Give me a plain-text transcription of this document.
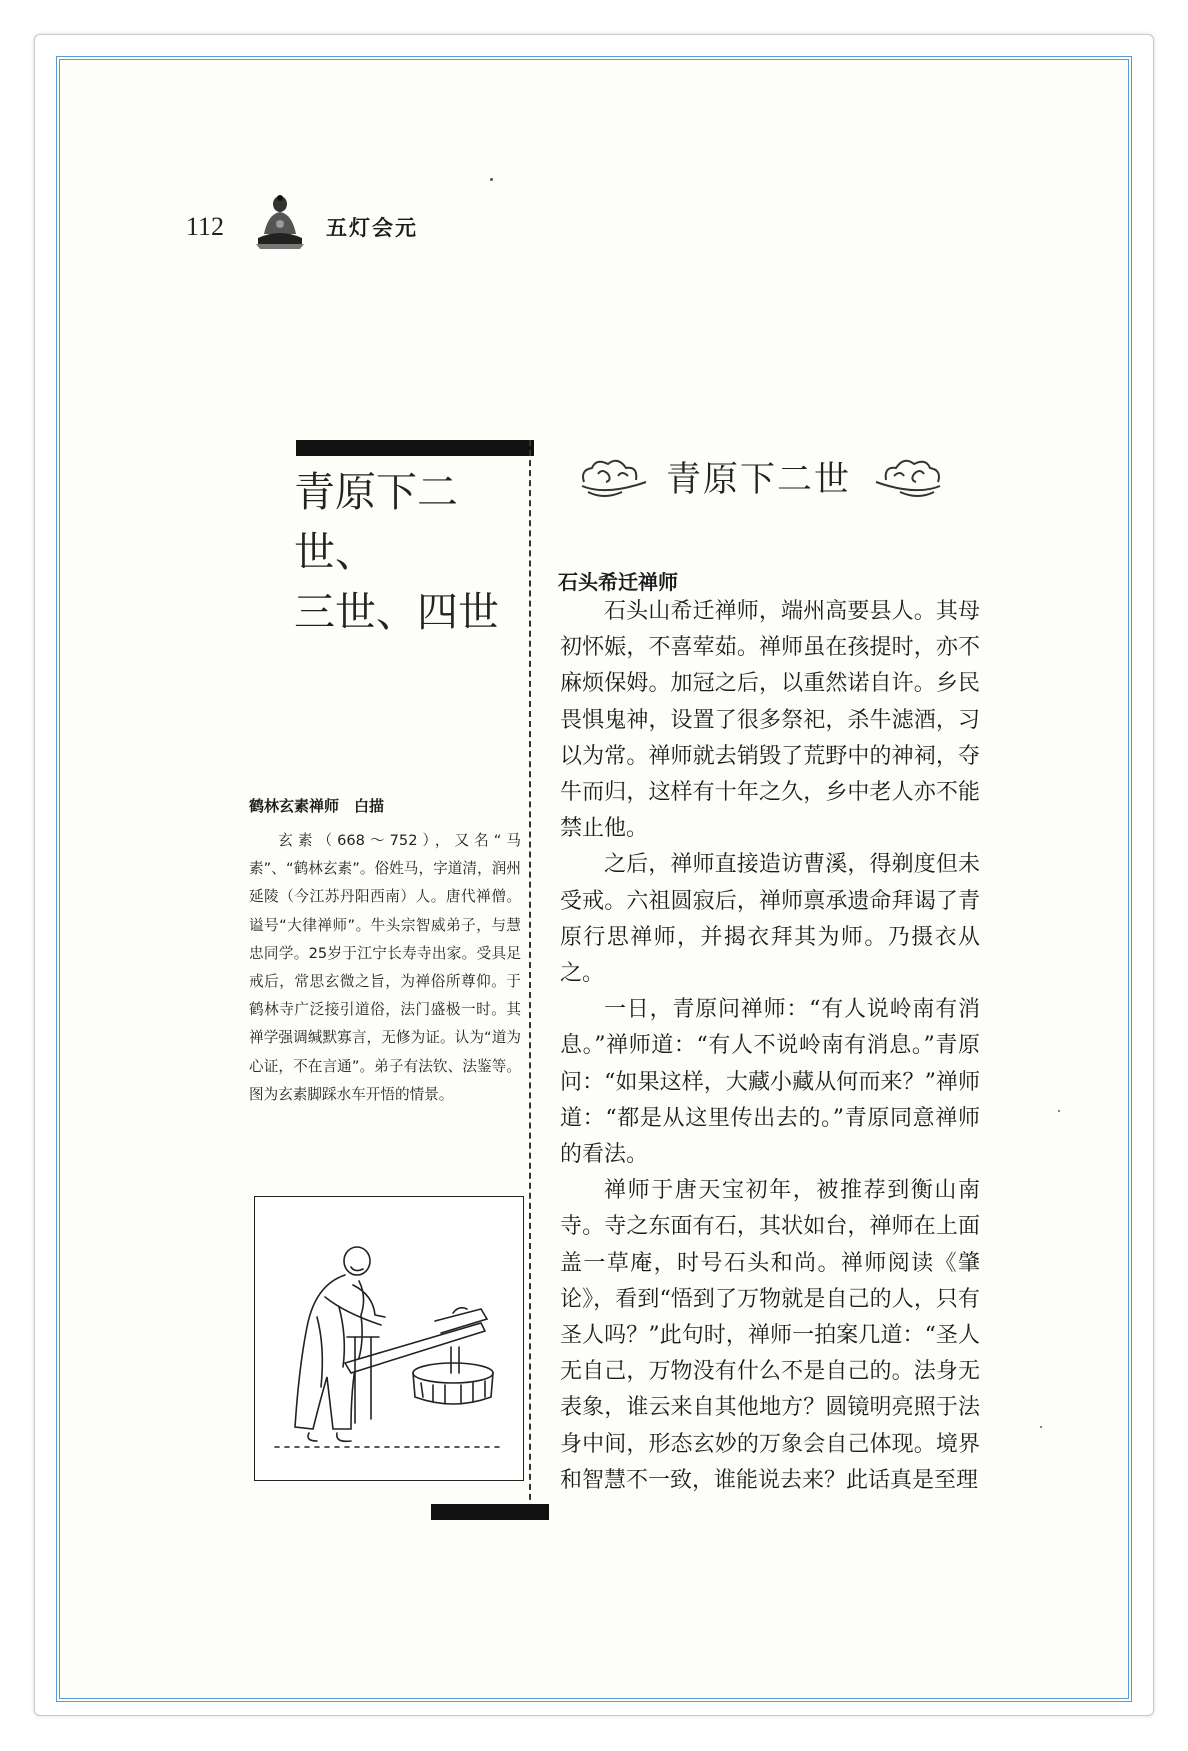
112	五灯会元
青原下二世、
三世、四世
鹤林玄素禅师　白描
玄素（668～752），又名“马素”、“鹤林玄素”。俗姓马，字道清，润州延陵（今江苏丹阳西南）人。唐代禅僧。谥号“大律禅师”。牛头宗智威弟子，与慧忠同学。25岁于江宁长寿寺出家。受具足戒后，常思玄微之旨，为禅俗所尊仰。于鹤林寺广泛接引道俗，法门盛极一时。其禅学强调缄默寡言，无修为证。认为“道为心证，不在言通”。弟子有法钦、法鉴等。图为玄素脚踩水车开悟的情景。
青原下二世
石头希迁禅师

石头山希迁禅师，端州高要县人。其母初怀娠，不喜荤茹。禅师虽在孩提时，亦不麻烦保姆。加冠之后，以重然诺自许。乡民畏惧鬼神，设置了很多祭祀，杀牛滤酒，习以为常。禅师就去销毁了荒野中的神祠，夺牛而归，这样有十年之久，乡中老人亦不能禁止他。

之后，禅师直接造访曹溪，得剃度但未受戒。六祖圆寂后，禅师禀承遗命拜谒了青原行思禅师，并揭衣拜其为师。乃摄衣从之。

一日，青原问禅师：“有人说岭南有消息。”禅师道：“有人不说岭南有消息。”青原问：“如果这样，大藏小藏从何而来？”禅师道：“都是从这里传出去的。”青原同意禅师的看法。

禅师于唐天宝初年，被推荐到衡山南寺。寺之东面有石，其状如台，禅师在上面盖一草庵，时号石头和尚。禅师阅读《肇论》，看到“悟到了万物就是自己的人，只有圣人吗？”此句时，禅师一拍案几道：“圣人无自己，万物没有什么不是自己的。法身无表象，谁云来自其他地方？圆镜明亮照于法身中间，形态玄妙的万象会自己体现。境界和智慧不一致，谁能说去来？此话真是至理
